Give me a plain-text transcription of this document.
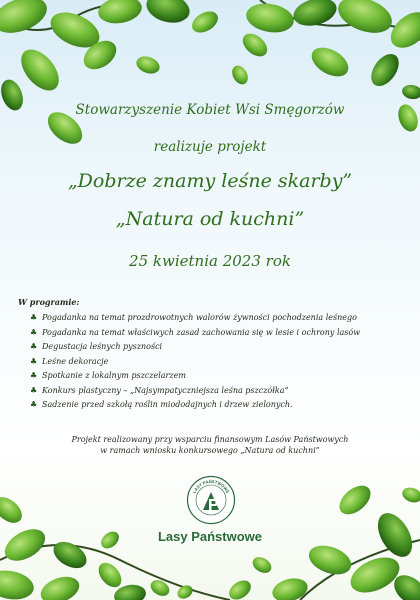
Stowarzyszenie Kobiet Wsi Smęgorzów
realizuje projekt
„Dobrze znamy leśne skarby”
„Natura od kuchni”
25 kwietnia 2023 rok
W programie:
♣ Pogadanka na temat prozdrowotnych walorów żywności pochodzenia leśnego
♣ Pogadanka na temat właściwych zasad zachowania się w lesie i ochrony lasów
♣ Degustacja leśnych pyszności
♣ Leśne dekoracje
♣ Spotkanie z lokalnym pszczelarzem
♣ Konkurs plastyczny – „Najsympatyczniejsza leśna pszczółka”
♣ Sadzenie przed szkołą roślin miododajnych i drzew zielonych.
Projekt realizowany przy wsparciu finansowym Lasów Państwowych
w ramach wniosku konkursowego „Natura od kuchni”
LASY PAŃSTWOWE
Lasy Państwowe
